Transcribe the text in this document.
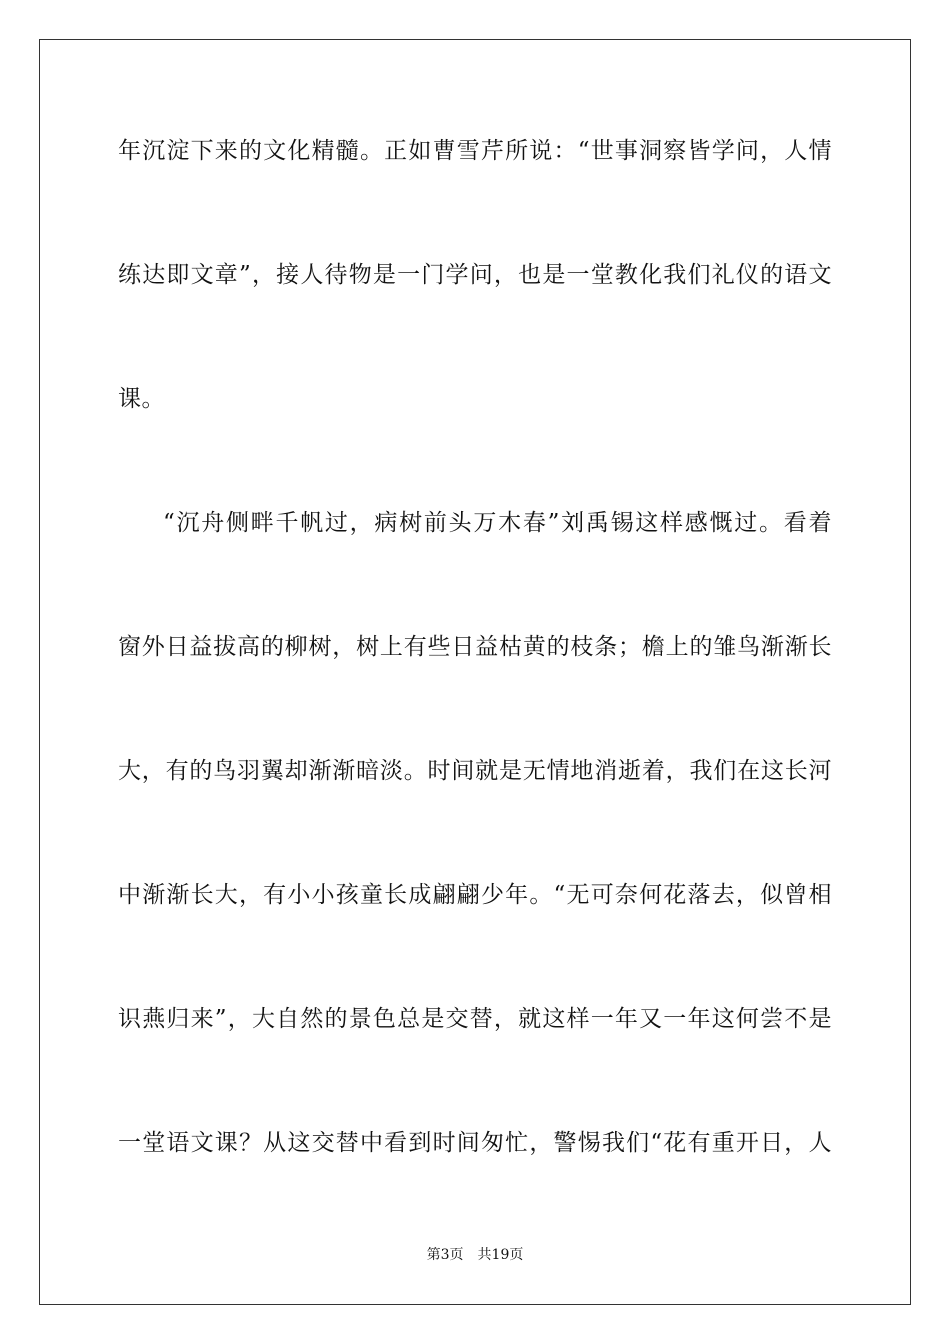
年沉淀下来的文化精髓。正如曹雪芹所说：“世事洞察皆学问，人情
练达即文章”，接人待物是一门学问，也是一堂教化我们礼仪的语文
课。
“沉舟侧畔千帆过，病树前头万木春”刘禹锡这样感慨过。看着
窗外日益拔高的柳树，树上有些日益枯黄的枝条；檐上的雏鸟渐渐长
大，有的鸟羽翼却渐渐暗淡。时间就是无情地消逝着，我们在这长河
中渐渐长大，有小小孩童长成翩翩少年。“无可奈何花落去，似曾相
识燕归来”，大自然的景色总是交替，就这样一年又一年这何尝不是
一堂语文课？从这交替中看到时间匆忙，警惕我们“花有重开日，人
第3页 共19页
